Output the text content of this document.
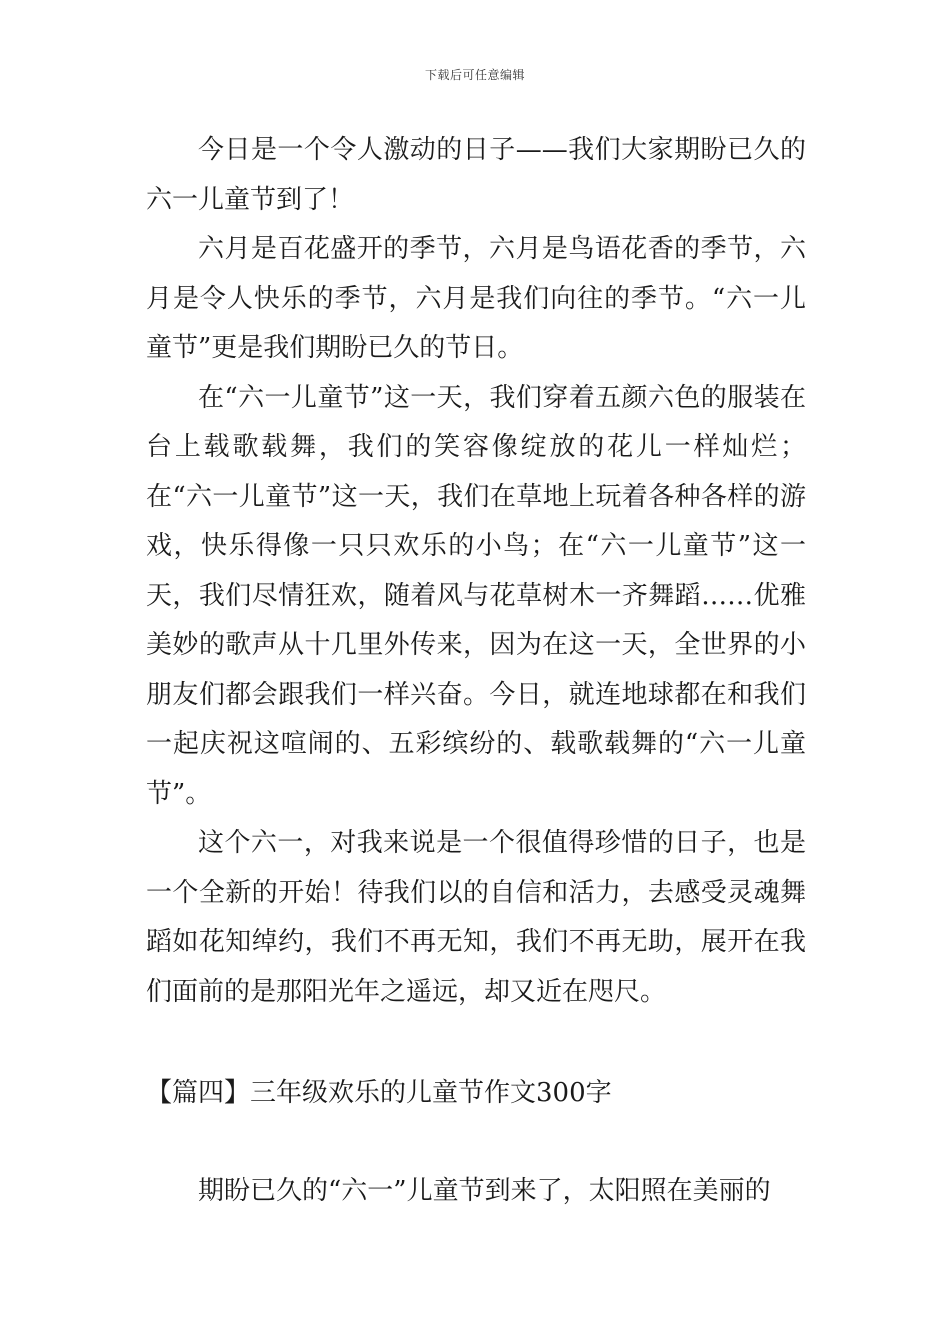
下载后可任意编辑

今日是一个令人激动的日子——我们大家期盼已久的六一儿童节到了！

六月是百花盛开的季节，六月是鸟语花香的季节，六月是令人快乐的季节，六月是我们向往的季节。“六一儿童节”更是我们期盼已久的节日。

在“六一儿童节”这一天，我们穿着五颜六色的服装在台上载歌载舞，我们的笑容像绽放的花儿一样灿烂；在“六一儿童节”这一天，我们在草地上玩着各种各样的游戏，快乐得像一只只欢乐的小鸟；在“六一儿童节”这一天，我们尽情狂欢，随着风与花草树木一齐舞蹈……优雅美妙的歌声从十几里外传来，因为在这一天，全世界的小朋友们都会跟我们一样兴奋。今日，就连地球都在和我们一起庆祝这喧闹的、五彩缤纷的、载歌载舞的“六一儿童节”。

这个六一，对我来说是一个很值得珍惜的日子，也是一个全新的开始！待我们以的自信和活力，去感受灵魂舞蹈如花知绰约，我们不再无知，我们不再无助，展开在我们面前的是那阳光年之遥远，却又近在咫尺。

【篇四】三年级欢乐的儿童节作文300字

期盼已久的“六一”儿童节到来了，太阳照在美丽的
